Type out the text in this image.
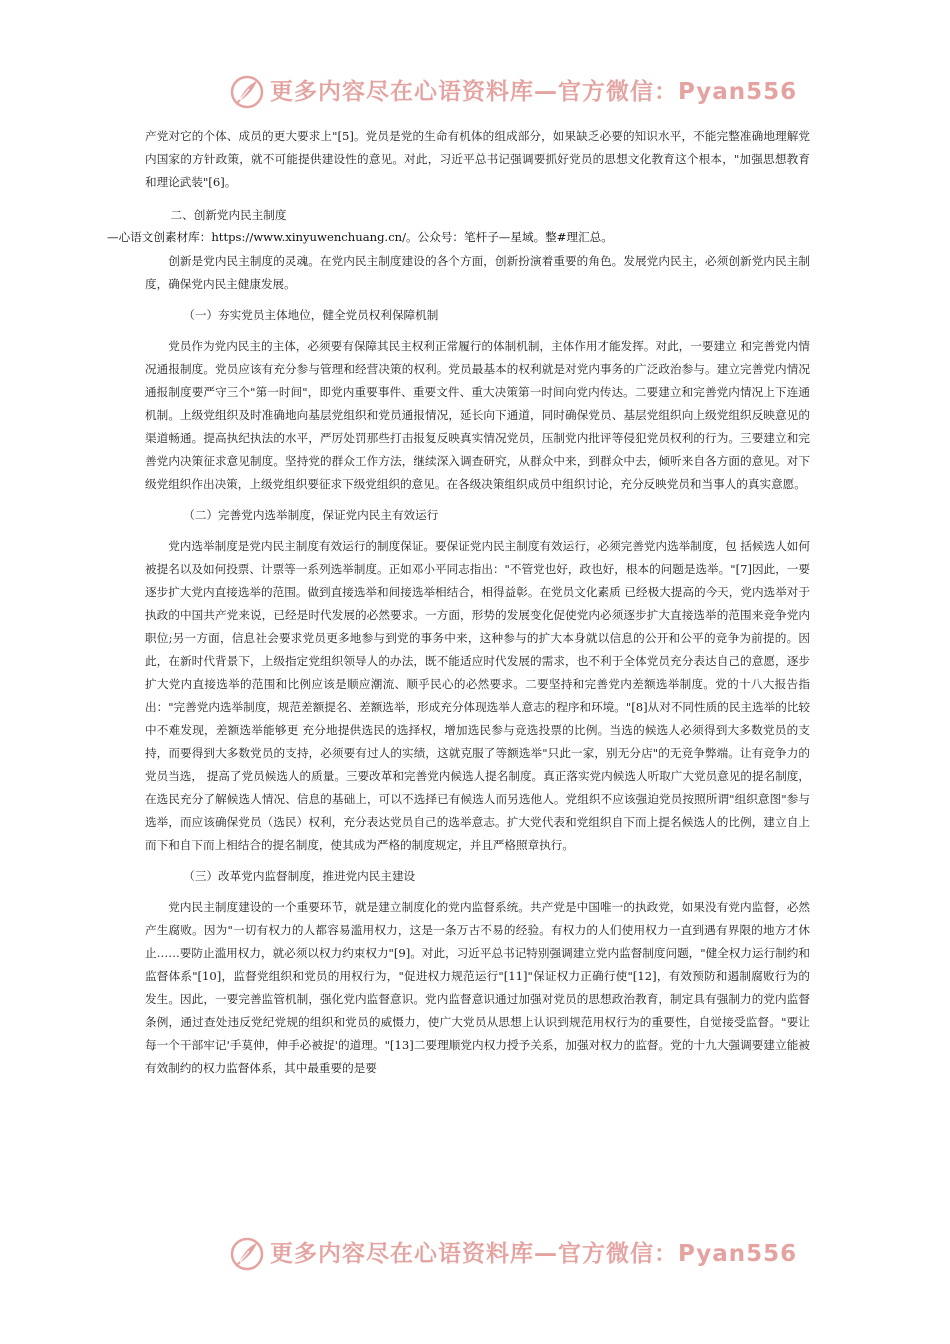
更多内容尽在心语资料库—官方微信：Pyan556
—心语文创素材库：https://www.xinyuwenchuang.cn/。公众号：笔杆子—星域。整#理汇总。

产党对它的个体、成员的更大要求上"[5]。党员是党的生命有机体的组成部分，如果缺乏必要的知识水平，不能完整准确地理解党内国家的方针政策，就不可能提供建设性的意见。对此，习近平总书记强调要抓好党员的思想文化教育这个根本，"加强思想教育和理论武装"[6]。

二、创新党内民主制度

创新是党内民主制度的灵魂。在党内民主制度建设的各个方面，创新扮演着重要的角色。发展党内民主，必须创新党内民主制度，确保党内民主健康发展。

（一）夯实党员主体地位，健全党员权利保障机制

党员作为党内民主的主体，必须要有保障其民主权利正常履行的体制机制，主体作用才能发挥。对此，一要建立 和完善党内情况通报制度。党员应该有充分参与管理和经营决策的权利。党员最基本的权利就是对党内事务的广泛政治参与。建立完善党内情况通报制度要严守三个"第一时间"，即党内重要事件、重要文件、重大决策第一时间向党内传达。二要建立和完善党内情况上下连通机制。上级党组织及时准确地向基层党组织和党员通报情况，延长向下通道，同时确保党员、基层党组织向上级党组织反映意见的渠道畅通。提高执纪执法的水平，严厉处罚那些打击报复反映真实情况党员，压制党内批评等侵犯党员权利的行为。三要建立和完善党内决策征求意见制度。坚持党的群众工作方法，继续深入调查研究，从群众中来，到群众中去，倾听来自各方面的意见。对下级党组织作出决策，上级党组织要征求下级党组织的意见。在各级决策组织成员中组织讨论，充分反映党员和当事人的真实意愿。

（二）完善党内选举制度，保证党内民主有效运行

党内选举制度是党内民主制度有效运行的制度保证。要保证党内民主制度有效运行，必须完善党内选举制度，包 括候选人如何被提名以及如何投票、计票等一系列选举制度。正如邓小平同志指出："不管党也好，政也好，根本的问题是选举。"[7]因此，一要逐步扩大党内直接选举的范围。做到直接选举和间接选举相结合，相得益彰。在党员文化素质 已经极大提高的今天，党内选举对于执政的中国共产党来说，已经是时代发展的必然要求。一方面，形势的发展变化促使党内必须逐步扩大直接选举的范围来竞争党内职位;另一方面，信息社会要求党员更多地参与到党的事务中来，这种参与的扩大本身就以信息的公开和公平的竞争为前提的。因此，在新时代背景下，上级指定党组织领导人的办法，既不能适应时代发展的需求，也不利于全体党员充分表达自己的意愿，逐步扩大党内直接选举的范围和比例应该是顺应潮流、顺乎民心的必然要求。二要坚持和完善党内差额选举制度。党的十八大报告指出："完善党内选举制度，规范差额提名、差额选举，形成充分体现选举人意志的程序和环境。"[8]从对不同性质的民主选举的比较中不难发现，差额选举能够更 充分地提供选民的选择权，增加选民参与竞选投票的比例。当选的候选人必须得到大多数党员的支持，而要得到大多数党员的支持，必须要有过人的实绩，这就克服了等额选举"只此一家，别无分店"的无竞争弊端。让有竞争力的党员当选， 提高了党员候选人的质量。三要改革和完善党内候选人提名制度。真正落实党内候选人听取广大党员意见的提名制度， 在选民充分了解候选人情况、信息的基础上，可以不选择已有候选人而另选他人。党组织不应该强迫党员按照所谓"组织意图"参与选举，而应该确保党员（选民）权利，充分表达党员自己的选举意志。扩大党代表和党组织自下而上提名候选人的比例，建立自上而下和自下而上相结合的提名制度，使其成为严格的制度规定，并且严格照章执行。

（三）改革党内监督制度，推进党内民主建设

党内民主制度建设的一个重要环节，就是建立制度化的党内监督系统。共产党是中国唯一的执政党，如果没有党内监督，必然产生腐败。因为"一切有权力的人都容易滥用权力，这是一条万古不易的经验。有权力的人们使用权力一直到遇有界限的地方才休止……要防止滥用权力，就必须以权力约束权力"[9]。对此，习近平总书记特别强调建立党内监督制度问题，"健全权力运行制约和监督体系"[10]，监督党组织和党员的用权行为，"促进权力规范运行"[11]"保证权力正确行使"[12]，有效预防和遏制腐败行为的发生。因此，一要完善监管机制，强化党内监督意识。党内监督意识通过加强对党员的思想政治教育，制定具有强制力的党内监督条例，通过查处违反党纪党规的组织和党员的威慑力，使广大党员从思想上认识到规范用权行为的重要性，自觉接受监督。"要让每一个干部牢记'手莫伸，伸手必被捉'的道理。"[13]二要理顺党内权力授予关系，加强对权力的监督。党的十九大强调要建立能被有效制约的权力监督体系，其中最重要的是要

更多内容尽在心语资料库—官方微信：Pyan556
